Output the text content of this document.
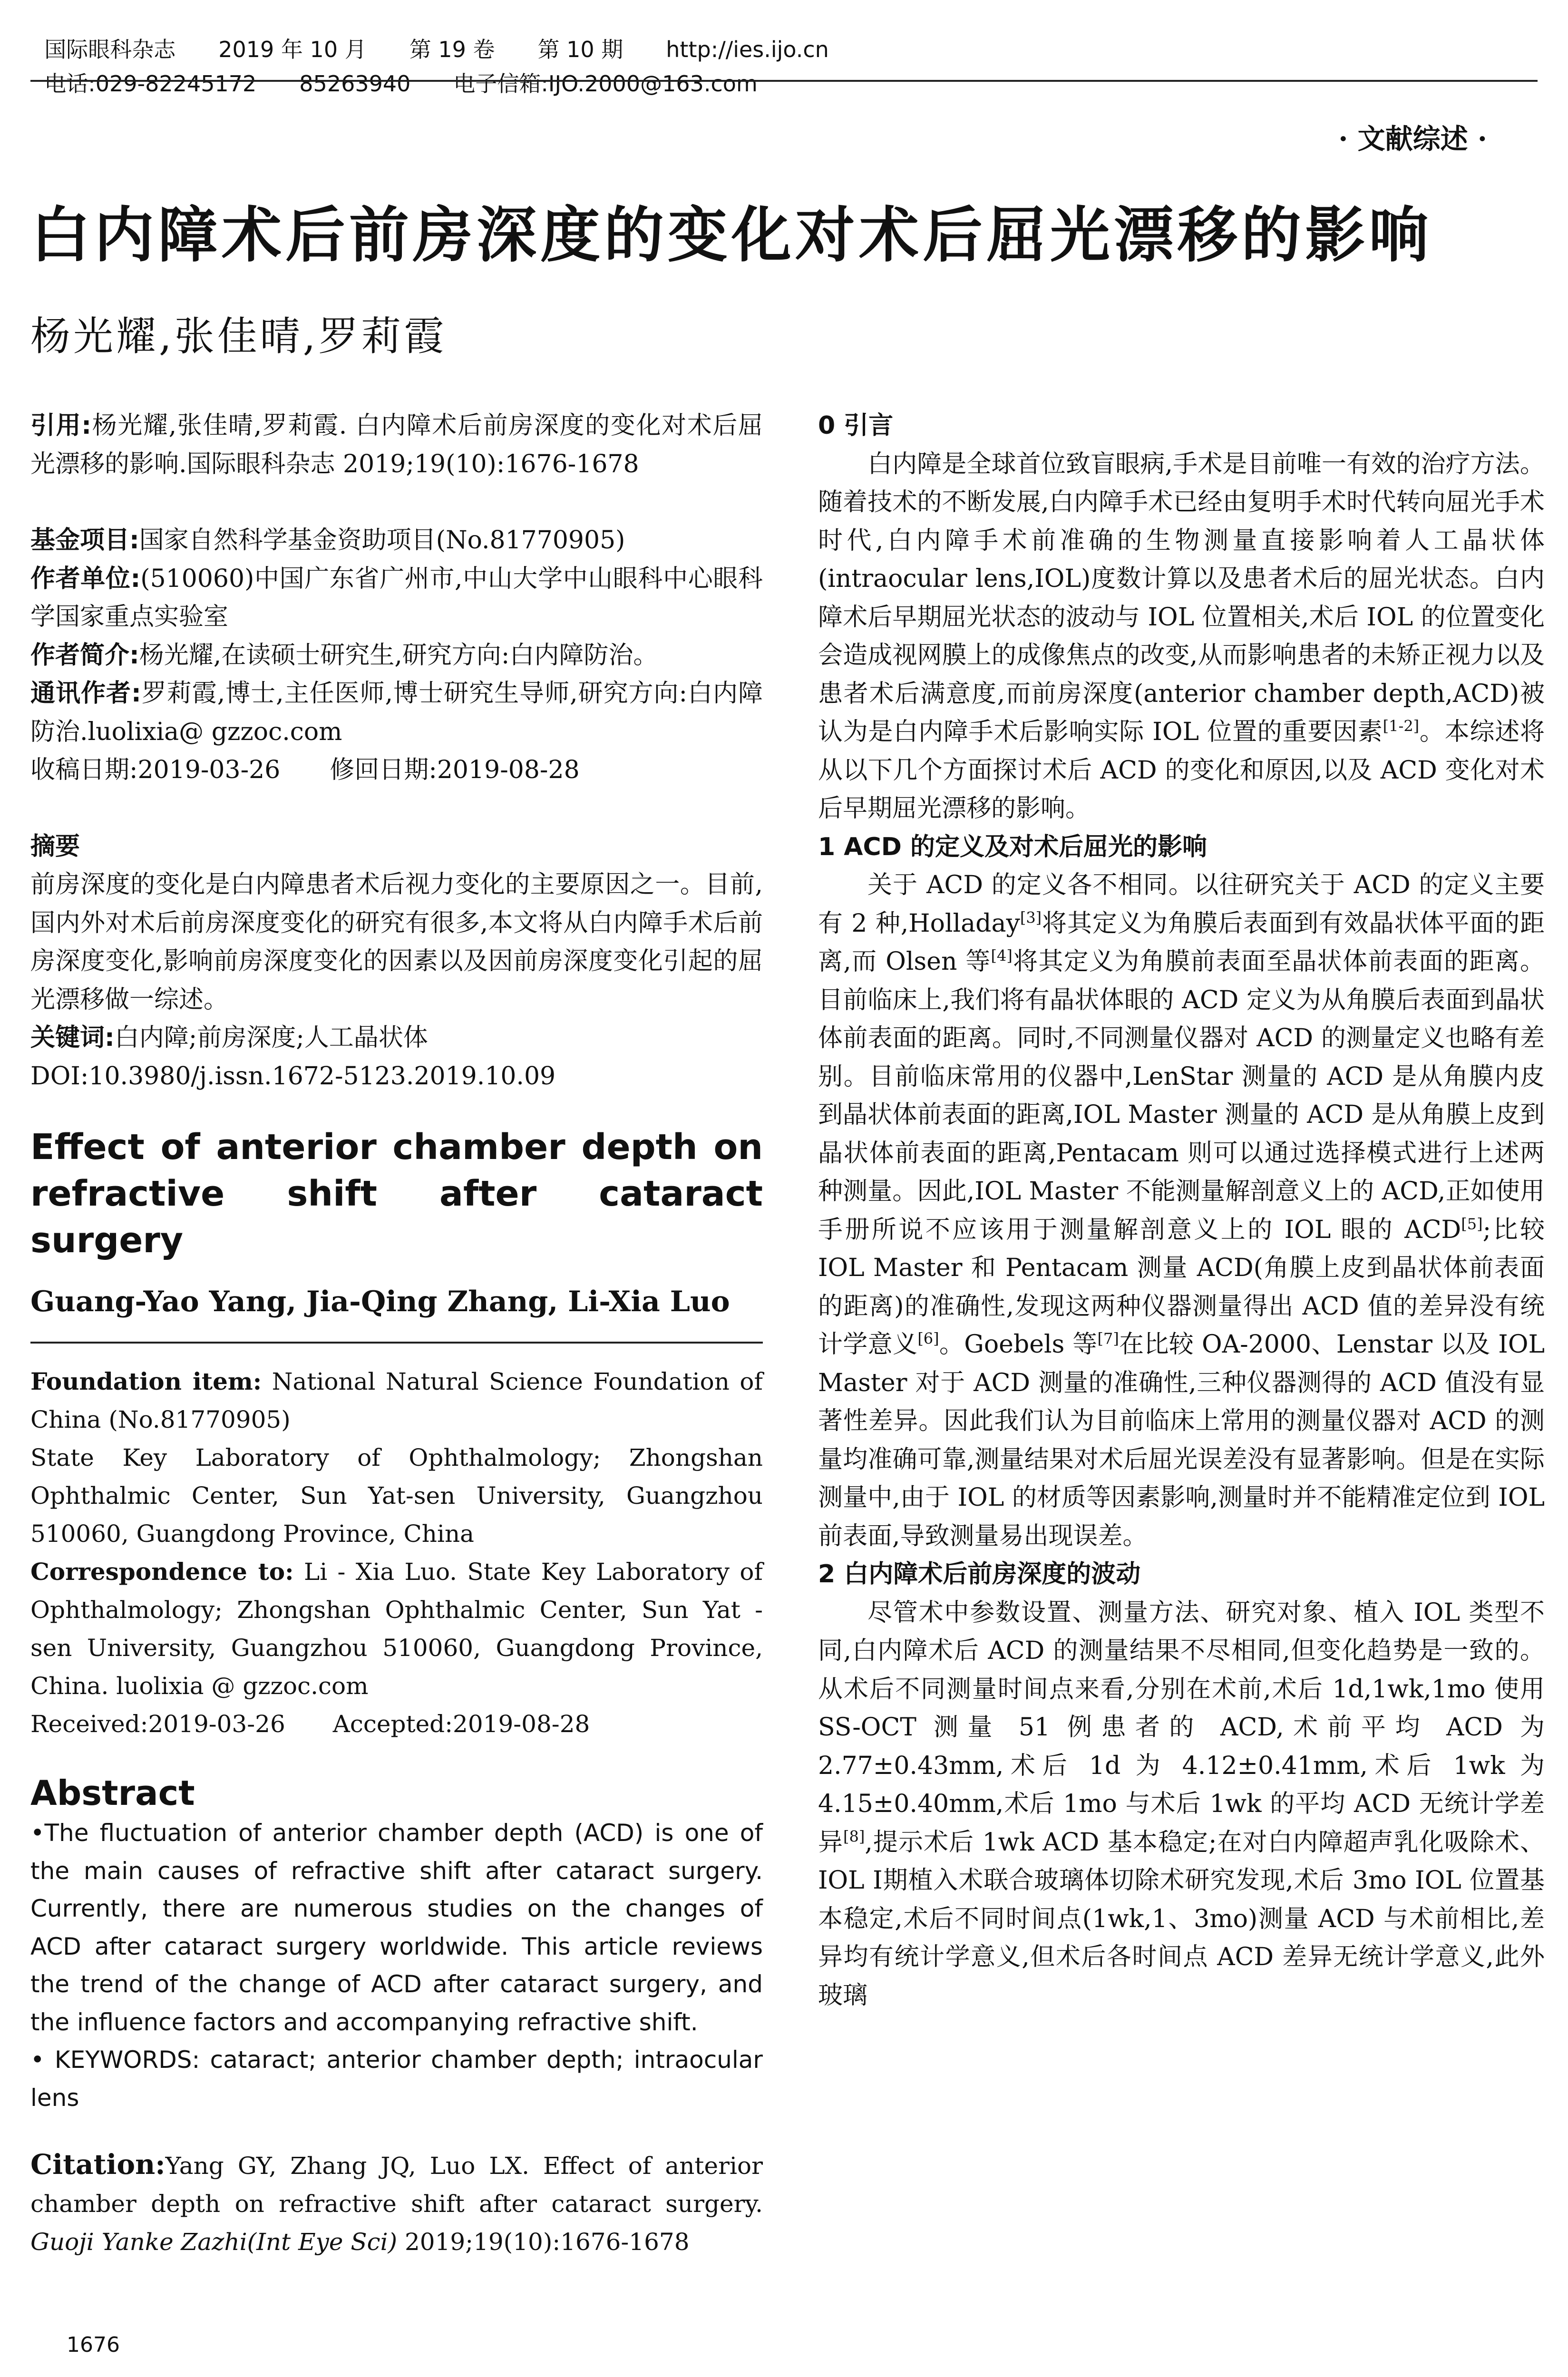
国际眼科杂志 2019 年 10 月 第 19 卷 第 10 期 http://ies.ijo.cn

电话:029-82245172 85263940 电子信箱:IJO.2000@163.com

· 文献综述 ·
白内障术后前房深度的变化对术后屈光漂移的影响
杨光耀,张佳晴,罗莉霞

引用:杨光耀,张佳晴,罗莉霞. 白内障术后前房深度的变化对术后屈光漂移的影响.国际眼科杂志 2019;19(10):1676-1678

基金项目:国家自然科学基金资助项目(No.81770905)

作者单位:(510060)中国广东省广州市,中山大学中山眼科中心眼科学国家重点实验室

作者简介:杨光耀,在读硕士研究生,研究方向:白内障防治。

通讯作者:罗莉霞,博士,主任医师,博士研究生导师,研究方向:白内障防治.luolixia@ gzzoc.com

收稿日期:2019-03-26　　修回日期:2019-08-28

摘要

前房深度的变化是白内障患者术后视力变化的主要原因之一。目前,国内外对术后前房深度变化的研究有很多,本文将从白内障手术后前房深度变化,影响前房深度变化的因素以及因前房深度变化引起的屈光漂移做一综述。

关键词:白内障;前房深度;人工晶状体

DOI:10.3980/j.issn.1672-5123.2019.10.09

Effect of anterior chamber depth on refractive shift after cataract surgery

Guang-Yao Yang, Jia-Qing Zhang, Li-Xia Luo

Foundation item: National Natural Science Foundation of China (No.81770905)

State Key Laboratory of Ophthalmology; Zhongshan Ophthalmic Center, Sun Yat-sen University, Guangzhou 510060, Guangdong Province, China

Correspondence to: Li - Xia Luo. State Key Laboratory of Ophthalmology; Zhongshan Ophthalmic Center, Sun Yat - sen University, Guangzhou 510060, Guangdong Province, China. luolixia @ gzzoc.com

Received:2019-03-26　　Accepted:2019-08-28

Abstract

•The fluctuation of anterior chamber depth (ACD) is one of the main causes of refractive shift after cataract surgery. Currently, there are numerous studies on the changes of ACD after cataract surgery worldwide. This article reviews the trend of the change of ACD after cataract surgery, and the influence factors and accompanying refractive shift.

• KEYWORDS: cataract; anterior chamber depth; intraocular lens

Citation:Yang GY, Zhang JQ, Luo LX. Effect of anterior chamber depth on refractive shift after cataract surgery. Guoji Yanke Zazhi(Int Eye Sci) 2019;19(10):1676-1678

0 引言

白内障是全球首位致盲眼病,手术是目前唯一有效的治疗方法。随着技术的不断发展,白内障手术已经由复明手术时代转向屈光手术时代,白内障手术前准确的生物测量直接影响着人工晶状体(intraocular lens,IOL)度数计算以及患者术后的屈光状态。白内障术后早期屈光状态的波动与 IOL 位置相关,术后 IOL 的位置变化会造成视网膜上的成像焦点的改变,从而影响患者的未矫正视力以及患者术后满意度,而前房深度(anterior chamber depth,ACD)被认为是白内障手术后影响实际 IOL 位置的重要因素[1-2]。本综述将从以下几个方面探讨术后 ACD 的变化和原因,以及 ACD 变化对术后早期屈光漂移的影响。

1 ACD 的定义及对术后屈光的影响

关于 ACD 的定义各不相同。以往研究关于 ACD 的定义主要有 2 种,Holladay[3]将其定义为角膜后表面到有效晶状体平面的距离,而 Olsen 等[4]将其定义为角膜前表面至晶状体前表面的距离。目前临床上,我们将有晶状体眼的 ACD 定义为从角膜后表面到晶状体前表面的距离。同时,不同测量仪器对 ACD 的测量定义也略有差别。目前临床常用的仪器中,LenStar 测量的 ACD 是从角膜内皮到晶状体前表面的距离,IOL Master 测量的 ACD 是从角膜上皮到晶状体前表面的距离,Pentacam 则可以通过选择模式进行上述两种测量。因此,IOL Master 不能测量解剖意义上的 ACD,正如使用手册所说不应该用于测量解剖意义上的 IOL 眼的 ACD[5];比较 IOL Master 和 Pentacam 测量 ACD(角膜上皮到晶状体前表面的距离)的准确性,发现这两种仪器测量得出 ACD 值的差异没有统计学意义[6]。Goebels 等[7]在比较 OA-2000、Lenstar 以及 IOL Master 对于 ACD 测量的准确性,三种仪器测得的 ACD 值没有显著性差异。因此我们认为目前临床上常用的测量仪器对 ACD 的测量均准确可靠,测量结果对术后屈光误差没有显著影响。但是在实际测量中,由于 IOL 的材质等因素影响,测量时并不能精准定位到 IOL 前表面,导致测量易出现误差。

2 白内障术后前房深度的波动

尽管术中参数设置、测量方法、研究对象、植入 IOL 类型不同,白内障术后 ACD 的测量结果不尽相同,但变化趋势是一致的。从术后不同测量时间点来看,分别在术前,术后 1d,1wk,1mo 使用 SS-OCT 测量 51 例患者的 ACD,术前平均 ACD 为 2.77±0.43mm,术后 1d 为 4.12±0.41mm,术后 1wk 为 4.15±0.40mm,术后 1mo 与术后 1wk 的平均 ACD 无统计学差异[8],提示术后 1wk ACD 基本稳定;在对白内障超声乳化吸除术、IOL Ⅰ期植入术联合玻璃体切除术研究发现,术后 3mo IOL 位置基本稳定,术后不同时间点(1wk,1、3mo)测量 ACD 与术前相比,差异均有统计学意义,但术后各时间点 ACD 差异无统计学意义,此外玻璃

1676
